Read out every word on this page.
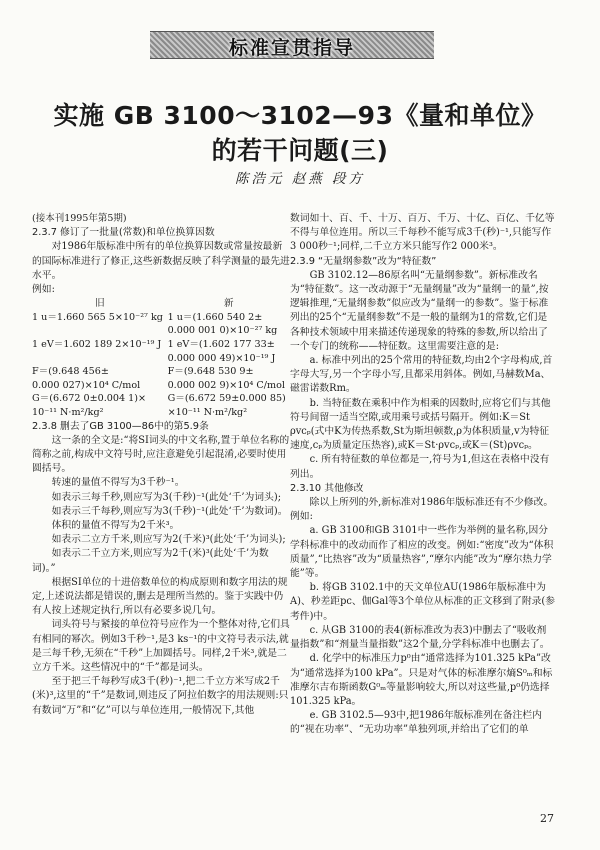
标准宣贯指导
实施 GB 3100～3102—93《量和单位》
的若干问题(三)
陈浩元 赵燕 段方

(接本刊1995年第5期)

2.3.7 修订了一批量(常数)和单位换算因数

对1986年版标准中所有的单位换算因数或常量按最新的国际标准进行了修正,这些新数据反映了科学测量的最先进水平。

例如:

旧	新
1 u＝1.660 565 5×10⁻²⁷ kg	1 u＝(1.660 540 2±
	0.000 001 0)×10⁻²⁷ kg
1 eV＝1.602 189 2×10⁻¹⁹ J	1 eV＝(1.602 177 33±
	0.000 000 49)×10⁻¹⁹ J
F＝(9.648 456±	F＝(9.648 530 9±
0.000 027)×10⁴ C/mol	0.000 002 9)×10⁴ C/mol
G＝(6.672 0±0.004 1)×	G＝(6.672 59±0.000 85)
10⁻¹¹ N·m²/kg²	×10⁻¹¹ N·m²/kg²

2.3.8 删去了GB 3100—86中的第5.9条

这一条的全文是:“将SI词头的中文名称,置于单位名称的简称之前,构成中文符号时,应注意避免引起混淆,必要时使用圆括号。

转速的量值不得写为3千秒⁻¹。

如表示三每千秒,则应写为3(千秒)⁻¹(此处‘千’为词头);

如表示三千每秒,则应写为3(千秒)⁻¹(此处‘千’为数词)。

体积的量值不得写为2千米³。

如表示二立方千米,则应写为2(千米)³(此处‘千’为词头);

如表示二千立方米,则应写为2千(米)³(此处‘千’为数词)。”

根据SI单位的十进倍数单位的构成原则和数字用法的规定,上述说法都是错误的,删去是理所当然的。鉴于实践中仍有人按上述规定执行,所以有必要多说几句。

词头符号与紧接的单位符号应作为一个整体对待,它们具有相同的幂次。例如3千秒⁻¹,是3 ks⁻¹的中文符号表示法,就是三每千秒,无须在“千秒”上加圆括号。同样,2千米³,就是二立方千米。这些情况中的“千”都是词头。

至于把三千每秒写成3千(秒)⁻¹,把二千立方米写成2千(米)³,这里的“千”是数词,则违反了阿拉伯数字的用法规则:只有数词“万”和“亿”可以与单位连用,一般情况下,其他

数词如十、百、千、十万、百万、千万、十亿、百亿、千亿等不得与单位连用。所以三千每秒不能写成3千(秒)⁻¹,只能写作3 000秒⁻¹;同样,二千立方米只能写作2 000米³。

2.3.9 “无量纲参数”改为“特征数”

GB 3102.12—86原名叫“无量纲参数”。新标准改名为“特征数”。这一改动源于“无量纲量”改为“量纲一的量”,按逻辑推理,“无量纲参数”似应改为“量纲一的参数”。鉴于标准列出的25个“无量纲参数”不是一般的量纲为1的常数,它们是各种技术领域中用来描述传递现象的特殊的参数,所以给出了一个专门的统称——特征数。这里需要注意的是:

a. 标准中列出的25个常用的特征数,均由2个字母构成,首字母大写,另一个字母小写,且都采用斜体。例如,马赫数Ma、磁雷诺数Rm。

b. 当特征数在乘积中作为相乘的因数时,应将它们与其他符号间留一适当空隙,或用乘号或括号隔开。例如:K＝St ρvcₚ(式中K为传热系数,St为斯坦顿数,ρ为体积质量,v为特征速度,cₚ为质量定压热容),或K＝St·ρvcₚ,或K＝(St)ρvcₚ。

c. 所有特征数的单位都是一,符号为1,但这在表格中没有列出。

2.3.10 其他修改

除以上所列的外,新标准对1986年版标准还有不少修改。例如:

a. GB 3100和GB 3101中一些作为举例的量名称,因分学科标准中的改动而作了相应的改变。例如:“密度”改为“体积质量”,“比热容”改为“质量热容”,“摩尔内能”改为“摩尔热力学能”等。

b. 将GB 3102.1中的天文单位AU(1986年版标准中为A)、秒差距pc、伽Gal等3个单位从标准的正文移到了附录(参考件)中。

c. 从GB 3100的表4(新标准改为表3)中删去了“吸收剂量指数”和“剂量当量指数”这2个量,分学科标准中也删去了。

d. 化学中的标准压力p⁰由“通常选择为101.325 kPa”改为“通常选择为100 kPa”。只是对气体的标准摩尔熵S⁰ₘ和标准摩尔吉布斯函数G⁰ₘ等量影响较大,所以对这些量,p⁰仍选择101.325 kPa。

e. GB 3102.5—93中,把1986年版标准列在备注栏内的“视在功率”、“无功功率”单独列项,并给出了它们的单

27
